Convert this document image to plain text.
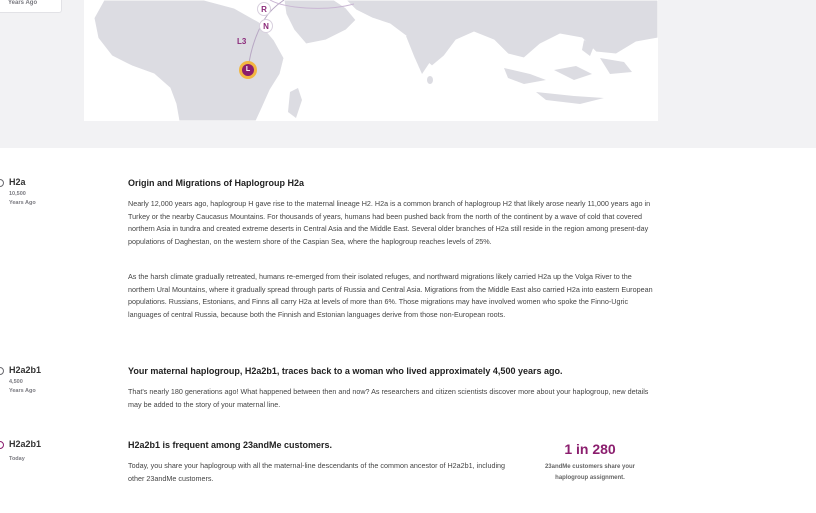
Years Ago
R
N
L3
L
H2a
10,500
Years Ago
Origin and Migrations of Haplogroup H2a
Nearly 12,000 years ago, haplogroup H gave rise to the maternal lineage H2. H2a is a common branch of haplogroup H2 that likely arose nearly 11,000 years ago in Turkey or the nearby Caucasus Mountains. For thousands of years, humans had been pushed back from the north of the continent by a wave of cold that covered northern Asia in tundra and created extreme deserts in Central Asia and the Middle East. Several older branches of H2a still reside in the region among present-day populations of Daghestan, on the western shore of the Caspian Sea, where the haplogroup reaches levels of 25%.
As the harsh climate gradually retreated, humans re-emerged from their isolated refuges, and northward migrations likely carried H2a up the Volga River to the northern Ural Mountains, where it gradually spread through parts of Russia and Central Asia. Migrations from the Middle East also carried H2a into eastern European populations. Russians, Estonians, and Finns all carry H2a at levels of more than 6%. Those migrations may have involved women who spoke the Finno-Ugric languages of central Russia, because both the Finnish and Estonian languages derive from those non-European roots.
H2a2b1
4,500
Years Ago
Your maternal haplogroup, H2a2b1, traces back to a woman who lived approximately 4,500 years ago.
That's nearly 180 generations ago! What happened between then and now? As researchers and citizen scientists discover more about your haplogroup, new details may be added to the story of your maternal line.
H2a2b1
Today
H2a2b1 is frequent among 23andMe customers.
Today, you share your haplogroup with all the maternal-line descendants of the common ancestor of H2a2b1, including other 23andMe customers.
1 in 280
23andMe customers share your
haplogroup assignment.
